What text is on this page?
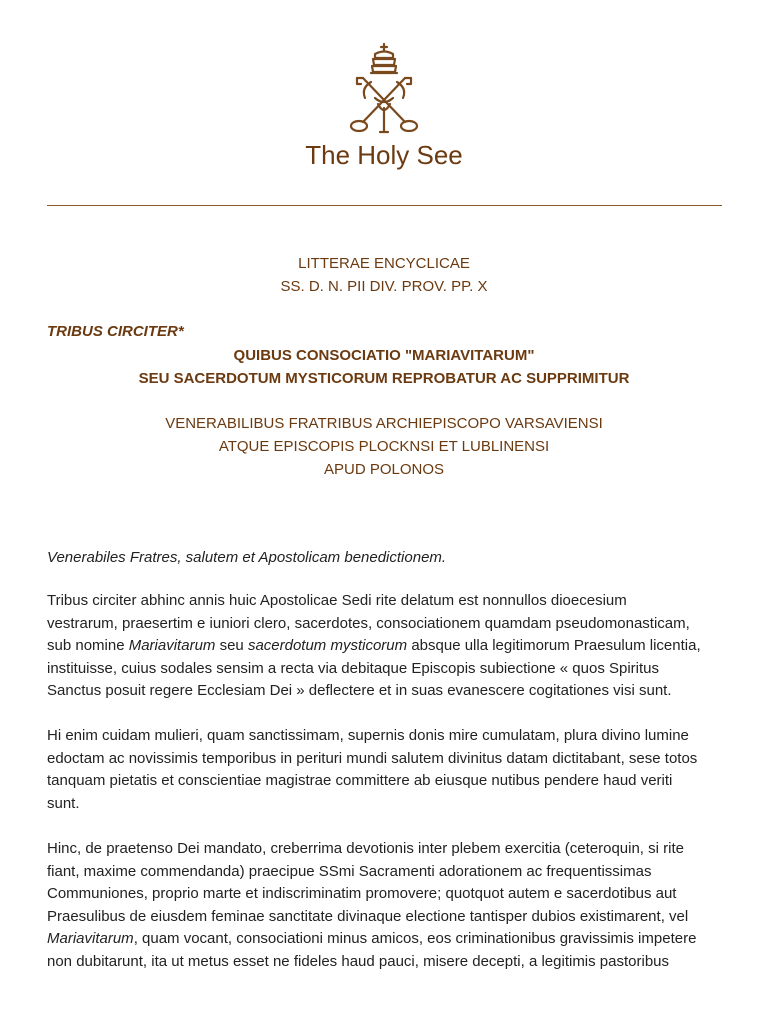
The Holy See
LITTERAE ENCYCLICAE
SS. D. N. PII DIV. PROV. PP. X
TRIBUS CIRCITER*
QUIBUS CONSOCIATIO "MARIAVITARUM"
SEU SACERDOTUM MYSTICORUM REPROBATUR AC SUPPRIMITUR
VENERABILIBUS FRATRIBUS ARCHIEPISCOPO VARSAVIENSI
ATQUE EPISCOPIS PLOCKNSI ET LUBLINENSI
APUD POLONOS
Venerabiles Fratres, salutem et Apostolicam benedictionem.
Tribus circiter abhinc annis huic Apostolicae Sedi rite delatum est nonnullos dioecesium
vestrarum, praesertim e iuniori clero, sacerdotes, consociationem quamdam pseudomonasticam,
sub nomine Mariavitarum seu sacerdotum mysticorum absque ulla legitimorum Praesulum licentia,
instituisse, cuius sodales sensim a recta via debitaque Episcopis subiectione « quos Spiritus
Sanctus posuit regere Ecclesiam Dei » deflectere et in suas evanescere cogitationes visi sunt.
Hi enim cuidam mulieri, quam sanctissimam, supernis donis mire cumulatam, plura divino lumine
edoctam ac novissimis temporibus in perituri mundi salutem divinitus datam dictitabant, sese totos
tanquam pietatis et conscientiae magistrae committere ab eiusque nutibus pendere haud veriti
sunt.
Hinc, de praetenso Dei mandato, creberrima devotionis inter plebem exercitia (ceteroquin, si rite
fiant, maxime commendanda) praecipue SSmi Sacramenti adorationem ac frequentissimas
Communiones, proprio marte et indiscriminatim promovere; quotquot autem e sacerdotibus aut
Praesulibus de eiusdem feminae sanctitate divinaque electione tantisper dubios existimarent, vel
Mariavitarum, quam vocant, consociationi minus amicos, eos criminationibus gravissimis impetere
non dubitarunt, ita ut metus esset ne fideles haud pauci, misere decepti, a legitimis pastoribus
